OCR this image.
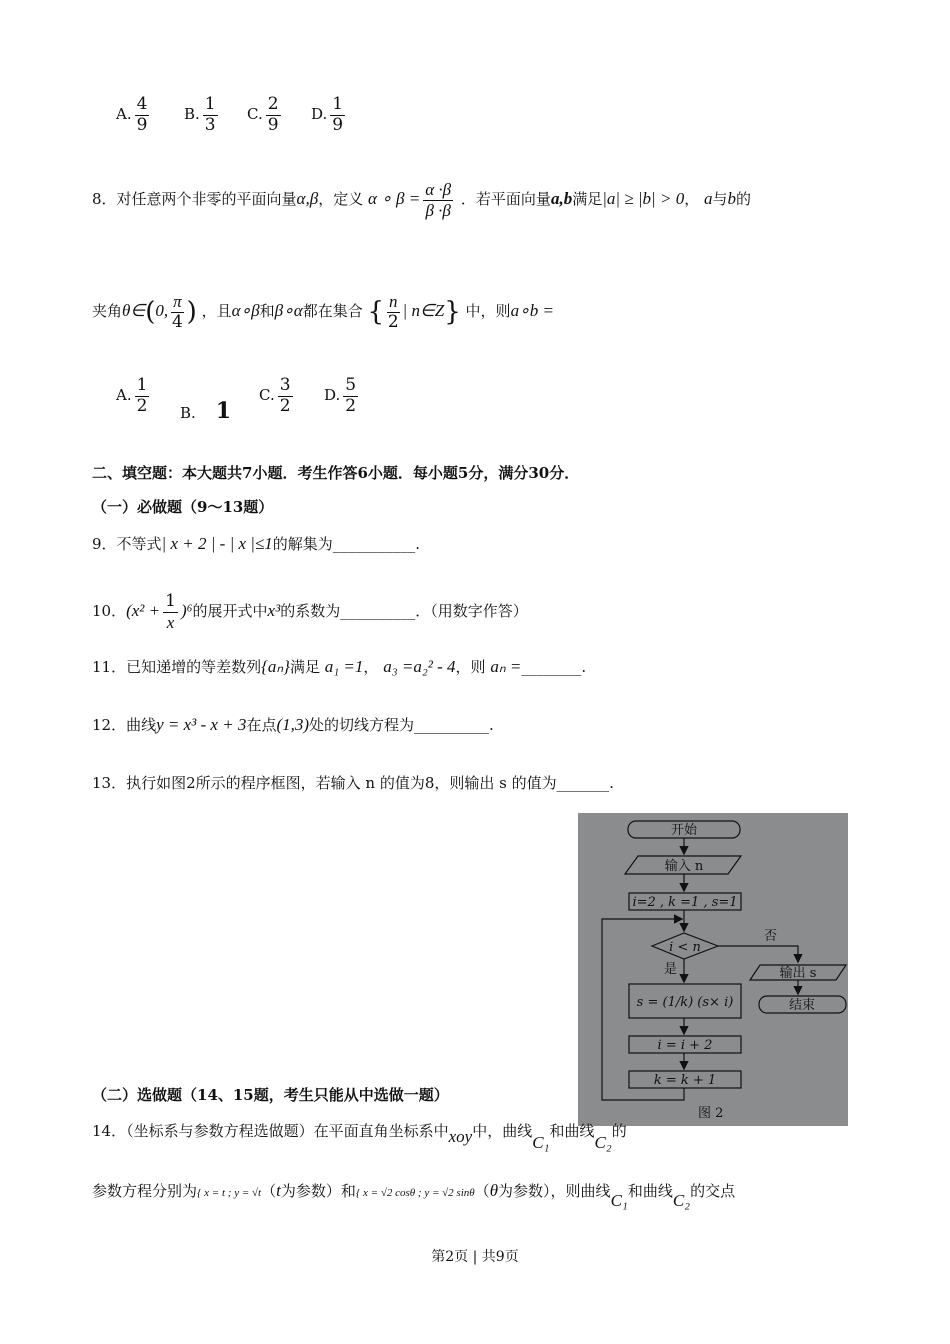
A. $\frac{4}{9} B$. $\frac{1}{3} C$. $\frac{2}{9} D$. $\frac{1}{9}$
8．对任意两个非零的平面向量α,β，定义 α ∘ $\beta = \frac{\alpha \cdot\beta}{\beta \cdot\beta}$ ．若平面向量a,b满足|a| ≥ |b| > 0， a与b的
夹角θ∈(0, $\frac{\pi}{4}$ ) ，且α∘β和β∘α都在集合 { $\frac{n}{2}$ | n∈Z} 中，则a∘b =
A. $\frac{1}{2} B$. 1
C. $\frac{3}{2} D$. $\frac{5}{2}$
二、填空题：本大题共7小题．考生作答6小题．每小题5分，满分30分．
（一）必做题（9～13题）
9．不等式| x + 2 | - | x |≤1的解集为___________.
10．$(x^2 + \frac{1}{x} )^6$的展开式中x³的系数为__________．（用数字作答）
11．已知递增的等差数列{aₙ}满足 a₁ =1， a₃ =a₂² - 4，则 aₙ =________.
12．曲线y = x³ - x + 3在点(1,3)处的切线方程为__________.
13．执行如图2所示的程序框图，若输入 n 的值为8，则输出 s 的值为_______.
开始
输入 n
i=2 , k =1 , s=1
i < n
否
是	输出 s
结束
s = (1/k) (s× i)
i = i + 2
k = k + 1
图 2
（二）选做题（14、15题，考生只能从中选做一题）
14．（坐标系与参数方程选做题）在平面直角坐标系中xoy中，曲线C₁和曲线C₂的
参数方程分别为{ x = t ; y = √t（t为参数）和{ x = √2 cosθ ; y = √2 sinθ（θ为参数），则曲线C₁和曲线C₂的交点
第2页 | 共9页
